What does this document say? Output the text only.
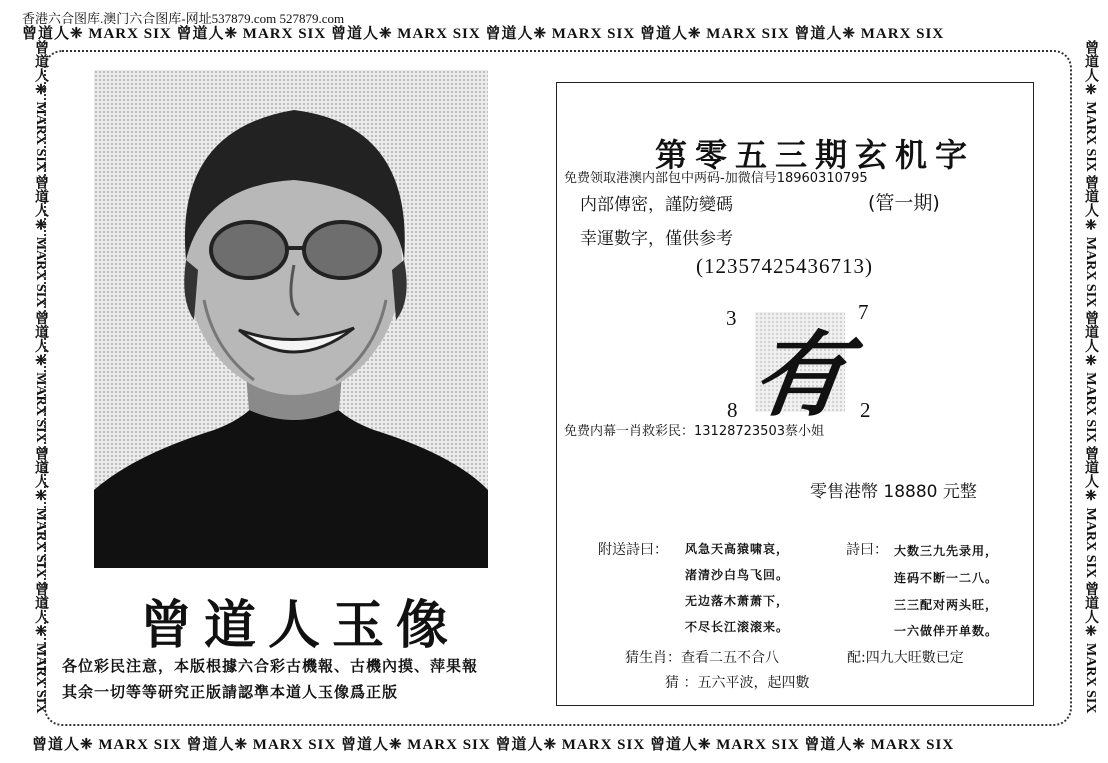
香港六合图库.澳门六合图库-网址537879.com 527879.com
曾道人❈ MARX SIX 曾道人❈ MARX SIX 曾道人❈ MARX SIX 曾道人❈ MARX SIX 曾道人❈ MARX SIX 曾道人❈ MARX SIX
曾道人❈ MARX SIX 曾道人❈ MARX SIX 曾道人❈ MARX SIX 曾道人❈ MARX SIX 曾道人❈ MARX SIX 曾道人❈ MARX SIX
曾道人❈ MARX SIX 曾道人❈ MARX SIX 曾道人❈ MARX SIX 曾道人❈ MARX SIX 曾道人❈ MARX SIX	曾道人❈ MARX SIX 曾道人❈ MARX SIX 曾道人❈ MARX SIX 曾道人❈ MARX SIX 曾道人❈ MARX SIX
曾道人玉像
各位彩民注意，本版根據六合彩古機報、古機內摸、萍果報
其余一切等等研究正版請認準本道人玉像爲正版
第零五三期玄机字
免费领取港澳内部包中两码-加微信号18960310795
内部傳密，謹防變碼	(管一期)
幸運數字，僅供参考
(12357425436713)
有
3	7
8	2
免费内幕一肖救彩民：13128723503蔡小姐
零售港幣 18880 元整
附送詩曰： 风急天高猿啸哀，
渚清沙白鸟飞回。
无边落木萧萧下，
不尽长江滚滚来。
詩曰： 大数三九先录用，
连码不断一二八。
三三配对两头旺，
一六做伴开单数。
猜生肖：查看二五不合八	配:四九大旺數已定
猜 ：五六平波，起四數
